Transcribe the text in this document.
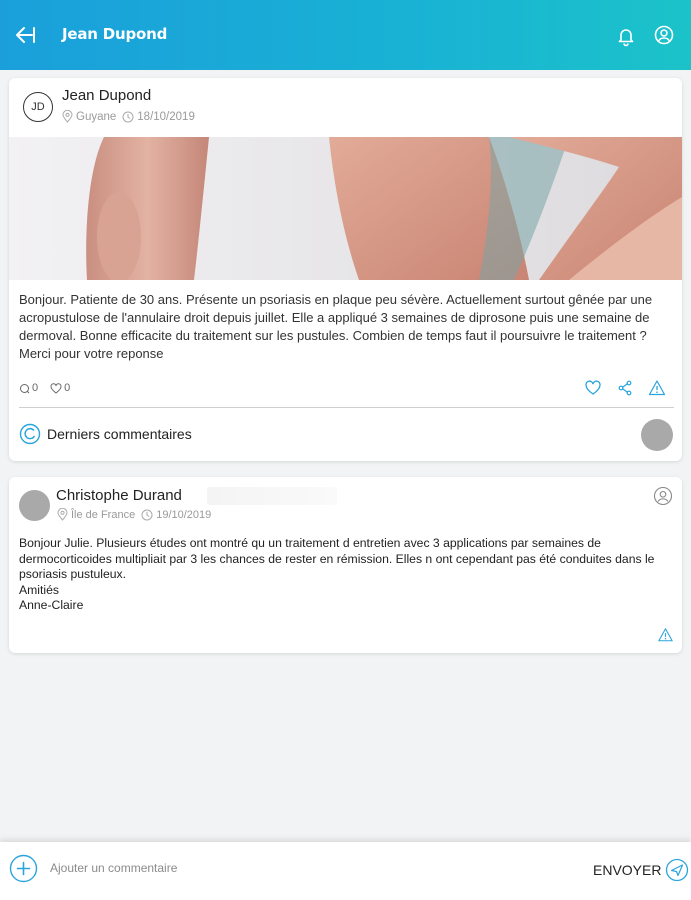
Jean Dupond
JD
Jean Dupond
Guyane 18/10/2019
Bonjour. Patiente de 30 ans. Présente un psoriasis en plaque peu sévère. Actuellement surtout gênée par une acropustulose de l'annulaire droit depuis juillet. Elle a appliqué 3 semaines de diprosone puis une semaine de dermoval. Bonne efficacite du traitement sur les pustules. Combien de temps faut il poursuivre le traitement ? Merci pour votre reponse
0 0
Derniers commentaires
Christophe Durand
Île de France 19/10/2019
Bonjour Julie. Plusieurs études ont montré qu un traitement d entretien avec 3 applications par semaines de dermocorticoides multipliait par 3 les chances de rester en rémission. Elles n ont cependant pas été conduites dans le psoriasis pustuleux.
Amitiés
Anne-Claire
Ajouter un commentaire
ENVOYER
